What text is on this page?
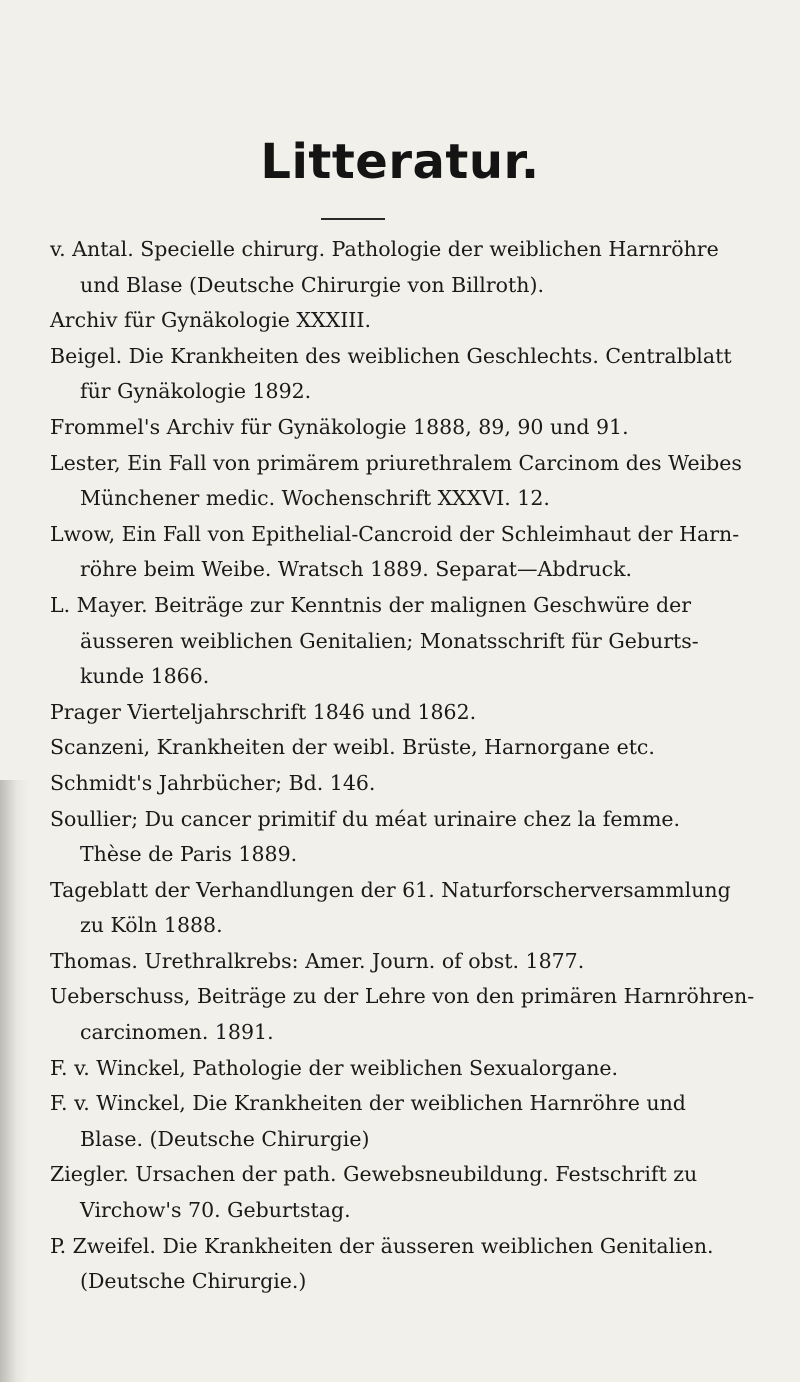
Litteratur.
v. Antal. Specielle chirurg. Pathologie der weiblichen Harnröhre
und Blase (Deutsche Chirurgie von Billroth).
Archiv für Gynäkologie XXXIII.
Beigel. Die Krankheiten des weiblichen Geschlechts. Centralblatt
für Gynäkologie 1892.
Frommel's Archiv für Gynäkologie 1888, 89, 90 und 91.
Lester, Ein Fall von primärem priurethralem Carcinom des Weibes
Münchener medic. Wochenschrift XXXVI. 12.
Lwow, Ein Fall von Epithelial-Cancroid der Schleimhaut der Harn-
röhre beim Weibe. Wratsch 1889. Separat—Abdruck.
L. Mayer. Beiträge zur Kenntnis der malignen Geschwüre der
äusseren weiblichen Genitalien; Monatsschrift für Geburts-
kunde 1866.
Prager Vierteljahrschrift 1846 und 1862.
Scanzeni, Krankheiten der weibl. Brüste, Harnorgane etc.
Schmidt's Jahrbücher; Bd. 146.
Soullier; Du cancer primitif du méat urinaire chez la femme.
Thèse de Paris 1889.
Tageblatt der Verhandlungen der 61. Naturforscherversammlung
zu Köln 1888.
Thomas. Urethralkrebs: Amer. Journ. of obst. 1877.
Ueberschuss, Beiträge zu der Lehre von den primären Harnröhren-
carcinomen. 1891.
F. v. Winckel, Pathologie der weiblichen Sexualorgane.
F. v. Winckel, Die Krankheiten der weiblichen Harnröhre und
Blase. (Deutsche Chirurgie)
Ziegler. Ursachen der path. Gewebsneubildung. Festschrift zu
Virchow's 70. Geburtstag.
P. Zweifel. Die Krankheiten der äusseren weiblichen Genitalien.
(Deutsche Chirurgie.)
